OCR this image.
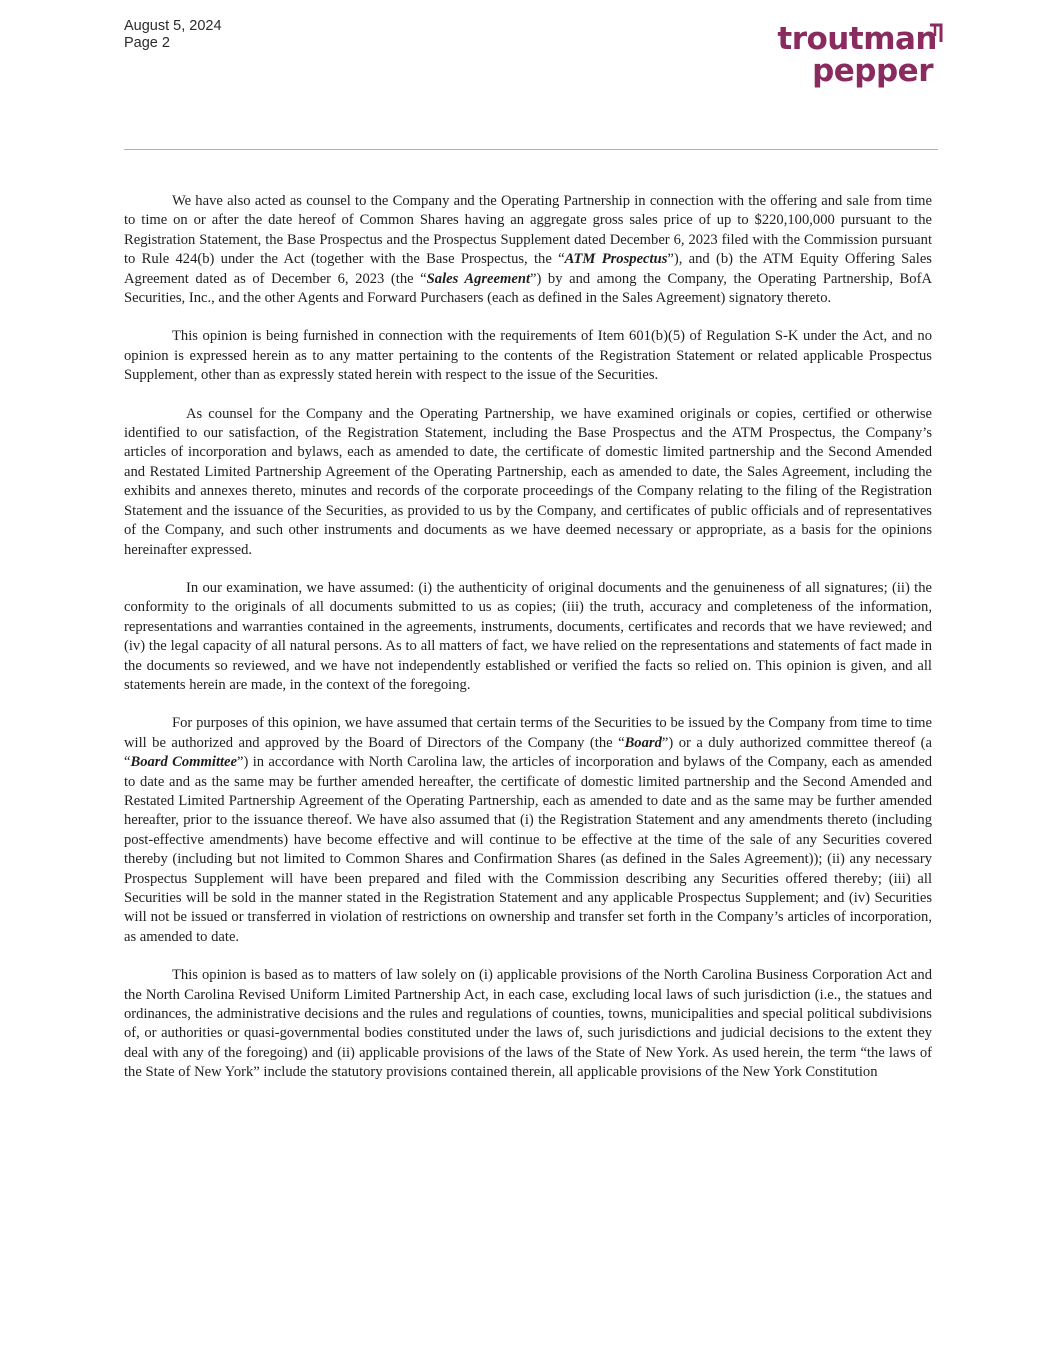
August 5, 2024
Page 2	troutman
pepper

We have also acted as counsel to the Company and the Operating Partnership in connection with the offering and sale from time to time on or after the date hereof of Common Shares having an aggregate gross sales price of up to $220,100,000 pursuant to the Registration Statement, the Base Prospectus and the Prospectus Supplement dated December 6, 2023 filed with the Commission pursuant to Rule 424(b) under the Act (together with the Base Prospectus, the “ATM Prospectus”), and (b) the ATM Equity Offering Sales Agreement dated as of December 6, 2023 (the “Sales Agreement”) by and among the Company, the Operating Partnership, BofA Securities, Inc., and the other Agents and Forward Purchasers (each as defined in the Sales Agreement) signatory thereto.

This opinion is being furnished in connection with the requirements of Item 601(b)(5) of Regulation S-K under the Act, and no opinion is expressed herein as to any matter pertaining to the contents of the Registration Statement or related applicable Prospectus Supplement, other than as expressly stated herein with respect to the issue of the Securities.

As counsel for the Company and the Operating Partnership, we have examined originals or copies, certified or otherwise identified to our satisfaction, of the Registration Statement, including the Base Prospectus and the ATM Prospectus, the Company’s articles of incorporation and bylaws, each as amended to date, the certificate of domestic limited partnership and the Second Amended and Restated Limited Partnership Agreement of the Operating Partnership, each as amended to date, the Sales Agreement, including the exhibits and annexes thereto, minutes and records of the corporate proceedings of the Company relating to the filing of the Registration Statement and the issuance of the Securities, as provided to us by the Company, and certificates of public officials and of representatives of the Company, and such other instruments and documents as we have deemed necessary or appropriate, as a basis for the opinions hereinafter expressed.

In our examination, we have assumed: (i) the authenticity of original documents and the genuineness of all signatures; (ii) the conformity to the originals of all documents submitted to us as copies; (iii) the truth, accuracy and completeness of the information, representations and warranties contained in the agreements, instruments, documents, certificates and records that we have reviewed; and (iv) the legal capacity of all natural persons. As to all matters of fact, we have relied on the representations and statements of fact made in the documents so reviewed, and we have not independently established or verified the facts so relied on. This opinion is given, and all statements herein are made, in the context of the foregoing.

For purposes of this opinion, we have assumed that certain terms of the Securities to be issued by the Company from time to time will be authorized and approved by the Board of Directors of the Company (the “Board”) or a duly authorized committee thereof (a “Board Committee”) in accordance with North Carolina law, the articles of incorporation and bylaws of the Company, each as amended to date and as the same may be further amended hereafter, the certificate of domestic limited partnership and the Second Amended and Restated Limited Partnership Agreement of the Operating Partnership, each as amended to date and as the same may be further amended hereafter, prior to the issuance thereof. We have also assumed that (i) the Registration Statement and any amendments thereto (including post-effective amendments) have become effective and will continue to be effective at the time of the sale of any Securities covered thereby (including but not limited to Common Shares and Confirmation Shares (as defined in the Sales Agreement)); (ii) any necessary Prospectus Supplement will have been prepared and filed with the Commission describing any Securities offered thereby; (iii) all Securities will be sold in the manner stated in the Registration Statement and any applicable Prospectus Supplement; and (iv) Securities will not be issued or transferred in violation of restrictions on ownership and transfer set forth in the Company’s articles of incorporation, as amended to date.

This opinion is based as to matters of law solely on (i) applicable provisions of the North Carolina Business Corporation Act and the North Carolina Revised Uniform Limited Partnership Act, in each case, excluding local laws of such jurisdiction (i.e., the statues and ordinances, the administrative decisions and the rules and regulations of counties, towns, municipalities and special political subdivisions of, or authorities or quasi-governmental bodies constituted under the laws of, such jurisdictions and judicial decisions to the extent they deal with any of the foregoing) and (ii) applicable provisions of the laws of the State of New York. As used herein, the term “the laws of the State of New York” include the statutory provisions contained therein, all applicable provisions of the New York Constitution
